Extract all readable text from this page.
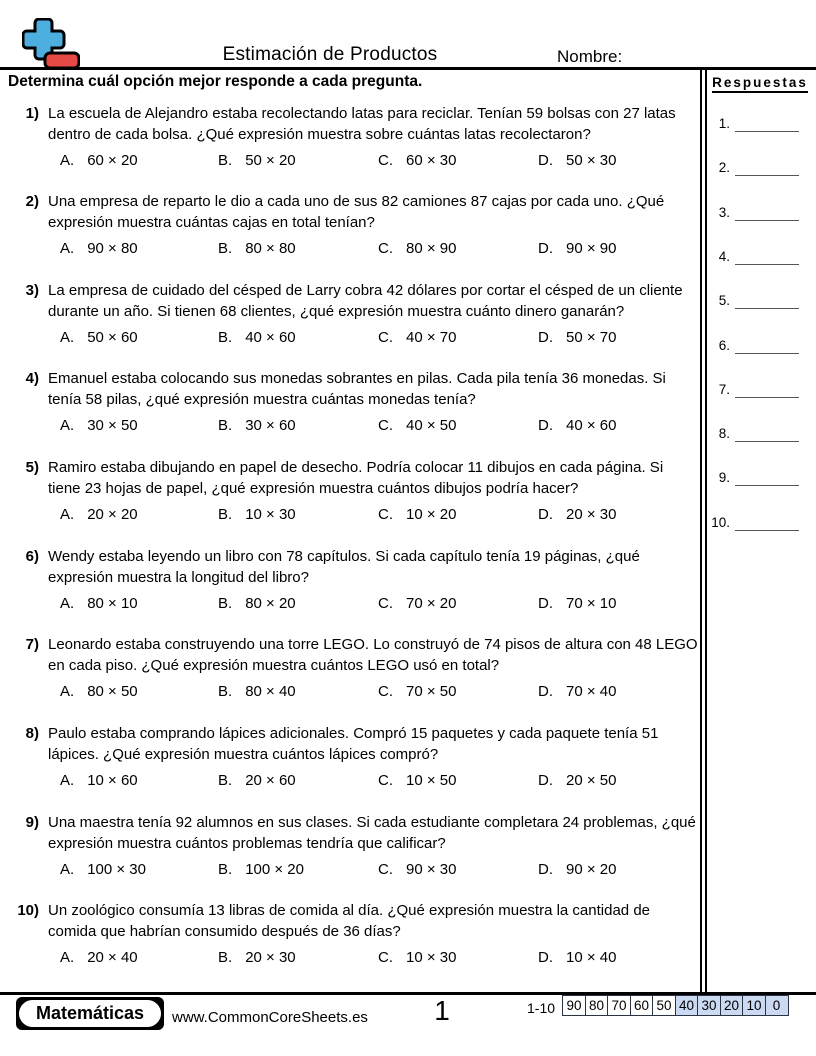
Estimación de Productos	Nombre:
Determina cuál opción mejor responde a cada pregunta.
1) La escuela de Alejandro estaba recolectando latas para reciclar. Tenían 59 bolsas con 27 latas dentro de cada bolsa. ¿Qué expresión muestra sobre cuántas latas recolectaron?
A. 60 × 20	B. 50 × 20	C. 60 × 30	D. 50 × 30
2) Una empresa de reparto le dio a cada uno de sus 82 camiones 87 cajas por cada uno. ¿Qué expresión muestra cuántas cajas en total tenían?
A. 90 × 80	B. 80 × 80	C. 80 × 90	D. 90 × 90
3) La empresa de cuidado del césped de Larry cobra 42 dólares por cortar el césped de un cliente durante un año. Si tienen 68 clientes, ¿qué expresión muestra cuánto dinero ganarán?
A. 50 × 60	B. 40 × 60	C. 40 × 70	D. 50 × 70
4) Emanuel estaba colocando sus monedas sobrantes en pilas. Cada pila tenía 36 monedas. Si tenía 58 pilas, ¿qué expresión muestra cuántas monedas tenía?
A. 30 × 50	B. 30 × 60	C. 40 × 50	D. 40 × 60
5) Ramiro estaba dibujando en papel de desecho. Podría colocar 11 dibujos en cada página. Si tiene 23 hojas de papel, ¿qué expresión muestra cuántos dibujos podría hacer?
A. 20 × 20	B. 10 × 30	C. 10 × 20	D. 20 × 30
6) Wendy estaba leyendo un libro con 78 capítulos. Si cada capítulo tenía 19 páginas, ¿qué expresión muestra la longitud del libro?
A. 80 × 10	B. 80 × 20	C. 70 × 20	D. 70 × 10
7) Leonardo estaba construyendo una torre LEGO. Lo construyó de 74 pisos de altura con 48 LEGO en cada piso. ¿Qué expresión muestra cuántos LEGO usó en total?
A. 80 × 50	B. 80 × 40	C. 70 × 50	D. 70 × 40
8) Paulo estaba comprando lápices adicionales. Compró 15 paquetes y cada paquete tenía 51 lápices. ¿Qué expresión muestra cuántos lápices compró?
A. 10 × 60	B. 20 × 60	C. 10 × 50	D. 20 × 50
9) Una maestra tenía 92 alumnos en sus clases. Si cada estudiante completara 24 problemas, ¿qué expresión muestra cuántos problemas tendría que calificar?
A. 100 × 30	B. 100 × 20	C. 90 × 30	D. 90 × 20
10) Un zoológico consumía 13 libras de comida al día. ¿Qué expresión muestra la cantidad de comida que habrían consumido después de 36 días?
A. 20 × 40	B. 20 × 30	C. 10 × 30	D. 10 × 40
Respuestas
1.
2.
3.
4.
5.
6.
7.
8.
9.
10.
Matemáticas	www.CommonCoreSheets.es	1	1-10 90 80 70 60 50 40 30 20 10 0
